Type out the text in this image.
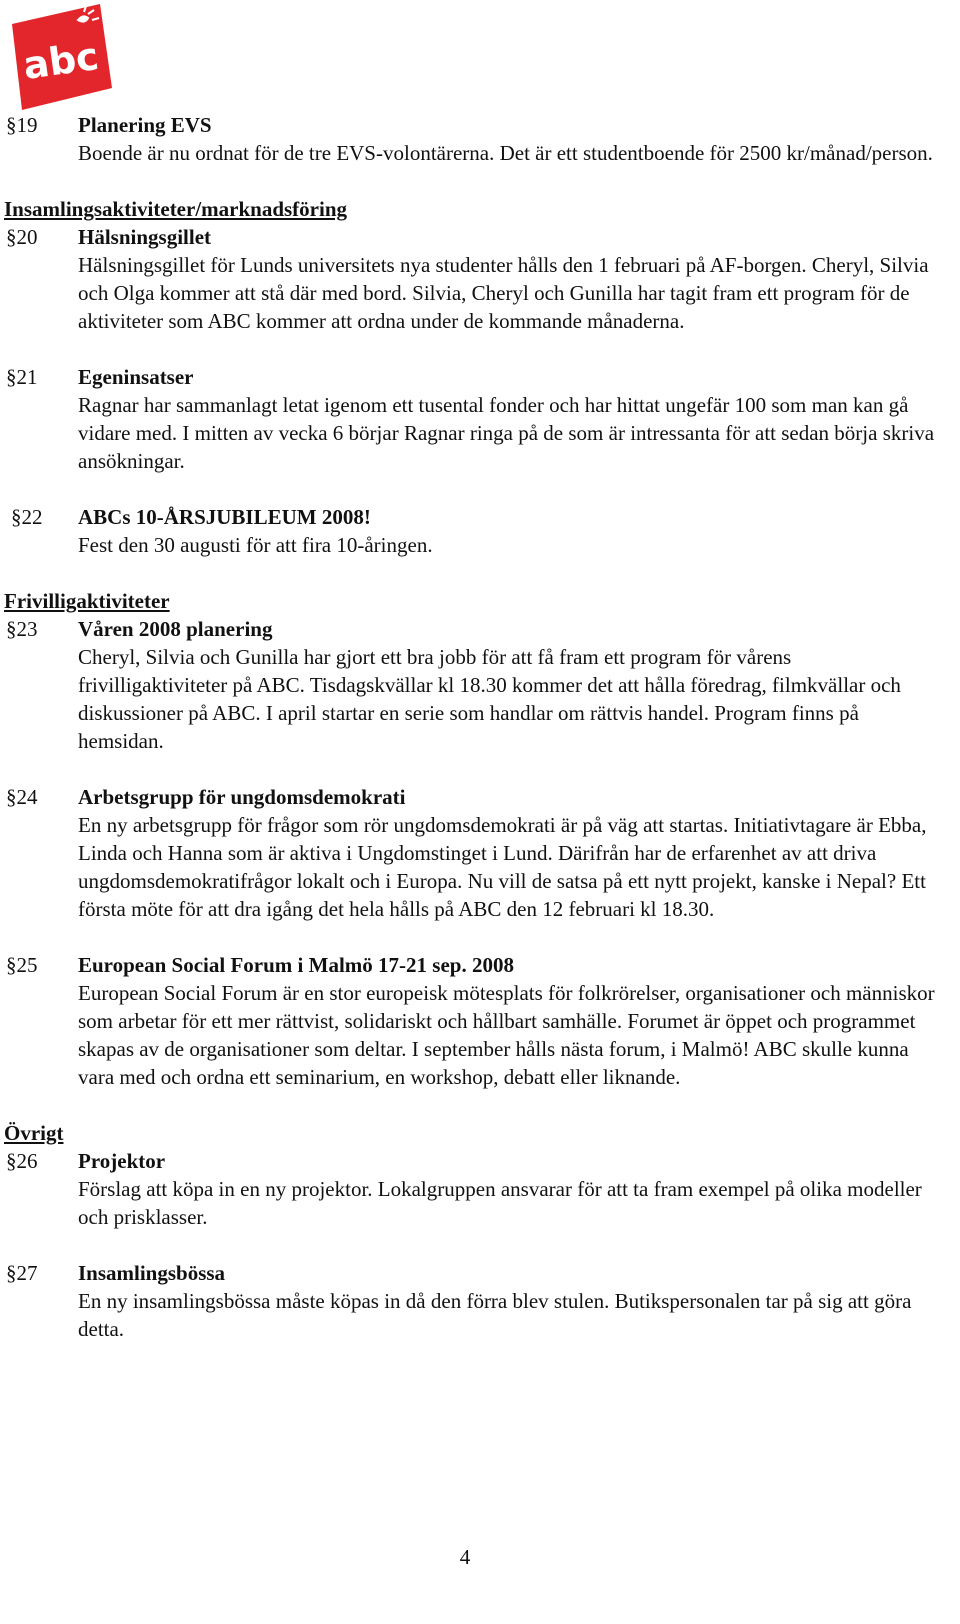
abc
§19	Planering EVS

Boende är nu ordnat för de tre EVS-volontärerna. Det är ett studentboende för 2500 kr/månad/person.

Insamlingsaktiviteter/marknadsföring
§20	Hälsningsgillet

Hälsningsgillet för Lunds universitets nya studenter hålls den 1 februari på AF-borgen. Cheryl, Silvia och Olga kommer att stå där med bord. Silvia, Cheryl och Gunilla har tagit fram ett program för de aktiviteter som ABC kommer att ordna under de kommande månaderna.

§21	Egeninsatser

Ragnar har sammanlagt letat igenom ett tusental fonder och har hittat ungefär 100 som man kan gå vidare med. I mitten av vecka 6 börjar Ragnar ringa på de som är intressanta för att sedan börja skriva ansökningar.

§22	ABCs 10-ÅRSJUBILEUM 2008!

Fest den 30 augusti för att fira 10-åringen.

Frivilligaktiviteter
§23	Våren 2008 planering

Cheryl, Silvia och Gunilla har gjort ett bra jobb för att få fram ett program för vårens frivilligaktiviteter på ABC. Tisdagskvällar kl 18.30 kommer det att hålla föredrag, filmkvällar och diskussioner på ABC. I april startar en serie som handlar om rättvis handel. Program finns på hemsidan.

§24	Arbetsgrupp för ungdomsdemokrati

En ny arbetsgrupp för frågor som rör ungdomsdemokrati är på väg att startas. Initiativtagare är Ebba, Linda och Hanna som är aktiva i Ungdomstinget i Lund. Därifrån har de erfarenhet av att driva ungdomsdemokratifrågor lokalt och i Europa. Nu vill de satsa på ett nytt projekt, kanske i Nepal? Ett första möte för att dra igång det hela hålls på ABC den 12 februari kl 18.30.

§25	European Social Forum i Malmö 17-21 sep. 2008

European Social Forum är en stor europeisk mötesplats för folkrörelser, organisationer och människor som arbetar för ett mer rättvist, solidariskt och hållbart samhälle. Forumet är öppet och programmet skapas av de organisationer som deltar. I september hålls nästa forum, i Malmö! ABC skulle kunna vara med och ordna ett seminarium, en workshop, debatt eller liknande.

Övrigt
§26	Projektor

Förslag att köpa in en ny projektor. Lokalgruppen ansvarar för att ta fram exempel på olika modeller och prisklasser.

§27	Insamlingsbössa

En ny insamlingsbössa måste köpas in då den förra blev stulen. Butikspersonalen tar på sig att göra detta.

4
